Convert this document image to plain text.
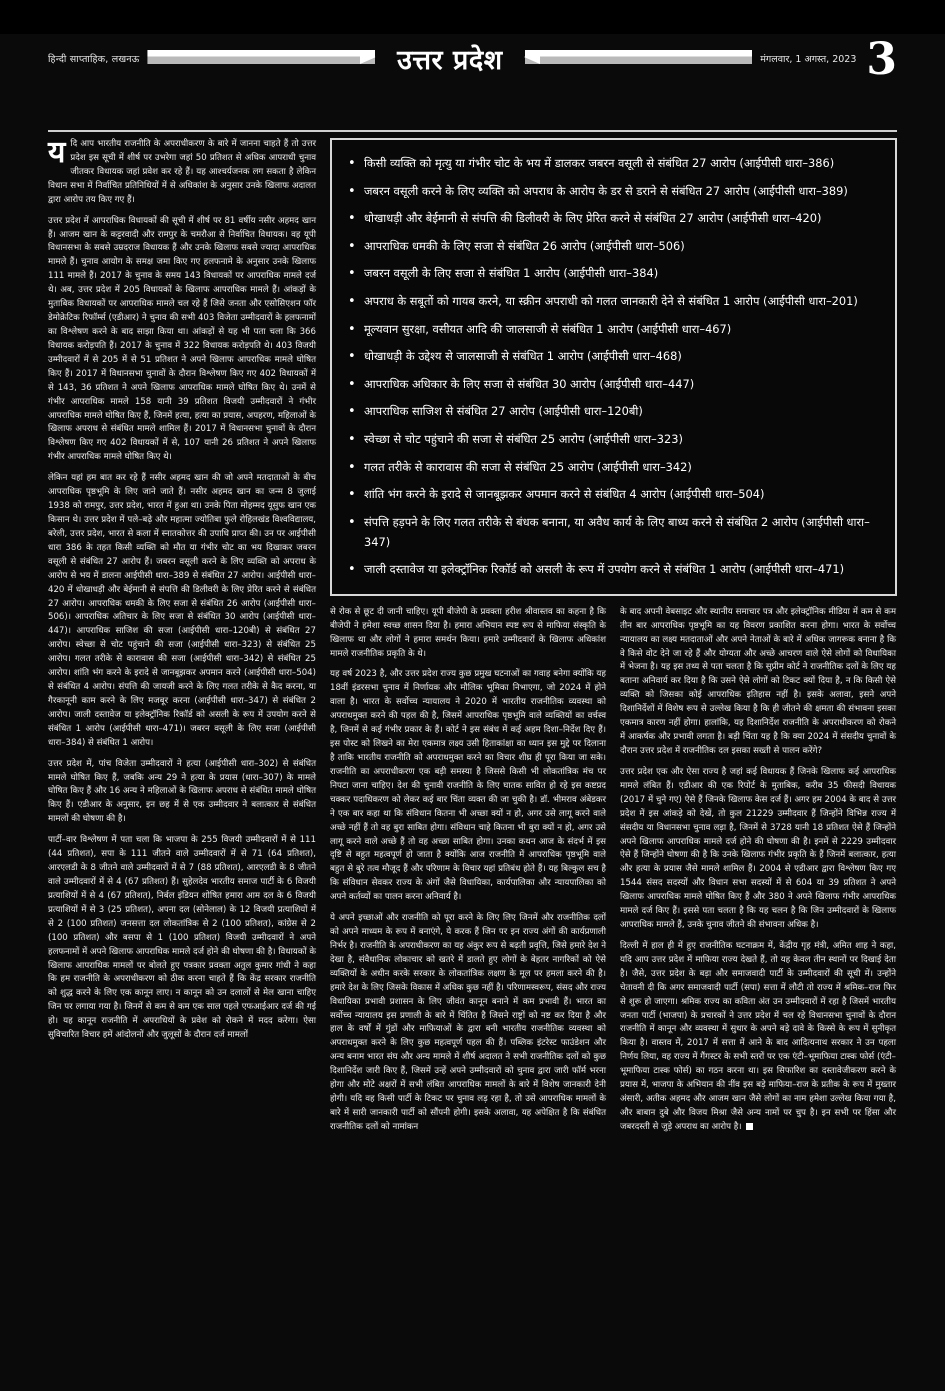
हिन्दी साप्ताहिक, लखनऊ	उत्तर प्रदेश	मंगलवार, 1 अगस्त, 2023 3

यदि आप भारतीय राजनीति के अपराधीकरण के बारे में जानना चाहते हैं तो उत्तर प्रदेश इस सूची में शीर्ष पर उभरेगा जहां 50 प्रतिशत से अधिक आपराधी चुनाव जीतकर विधायक जहां प्रवेश कर रहे हैं। यह आश्चर्यजनक लग सकता है लेकिन विधान सभा में निर्वाचित प्रतिनिधियों में से अधिकांश के अनुसार उनके खिलाफ अदालत द्वारा आरोप तय किए गए हैं।

उत्तर प्रदेश में आपराधिक विधायकों की सूची में शीर्ष पर 81 वर्षीय नसीर अहमद खान हैं। आजम खान के कट्टरवादी और रामपुर के चमरौआ से निर्वाचित विधायक। वह यूपी विधानसभा के सबसे उम्रदराज विधायक हैं और उनके खिलाफ सबसे ज्यादा आपराधिक मामले हैं। चुनाव आयोग के समक्ष जमा किए गए हलफनामे के अनुसार उनके खिलाफ 111 मामले हैं। 2017 के चुनाव के समय 143 विधायकों पर आपराधिक मामले दर्ज थे। अब, उत्तर प्रदेश में 205 विधायकों के खिलाफ आपराधिक मामले हैं। आंकड़ों के मुताबिक विधायकों पर आपराधिक मामले चल रहे हैं जिसे जनता और एसोसिएशन फॉर डेमोक्रेटिक रिफॉर्म्स (एडीआर) ने चुनाव की सभी 403 विजेता उम्मीदवारों के हलफनामों का विश्लेषण करने के बाद साझा किया था। आंकड़ों से यह भी पता चला कि 366 विधायक करोड़पति हैं। 2017 के चुनाव में 322 विधायक करोड़पति थे। 403 विजयी उम्मीदवारों में से 205 में से 51 प्रतिशत ने अपने खिलाफ आपराधिक मामले घोषित किए हैं। 2017 में विधानसभा चुनावों के दौरान विश्लेषण किए गए 402 विधायकों में से 143, 36 प्रतिशत ने अपने खिलाफ आपराधिक मामले घोषित किए थे। उनमें से गंभीर आपराधिक मामले 158 यानी 39 प्रतिशत विजयी उम्मीदवारों ने गंभीर आपराधिक मामले घोषित किए हैं, जिनमें हत्या, हत्या का प्रयास, अपहरण, महिलाओं के खिलाफ अपराध से संबंधित मामले शामिल हैं। 2017 में विधानसभा चुनावों के दौरान विश्लेषण किए गए 402 विधायकों में से, 107 यानी 26 प्रतिशत ने अपने खिलाफ गंभीर आपराधिक मामले घोषित किए थे।

लेकिन यहां हम बात कर रहे हैं नसीर अहमद खान की जो अपने मतदाताओं के बीच आपराधिक पृष्ठभूमि के लिए जाने जाते हैं। नसीर अहमद खान का जन्म 8 जुलाई 1938 को रामपुर, उत्तर प्रदेश, भारत में हुआ था। उनके पिता मोहम्मद यूसुफ खान एक किसान थे। उत्तर प्रदेश में पले–बढ़े और महात्मा ज्योतिबा फुले रोहिलखंड विश्वविद्यालय, बरेली, उत्तर प्रदेश, भारत से कला में स्नातकोत्तर की उपाधि प्राप्त की। उन पर आईपीसी धारा 386 के तहत किसी व्यक्ति को मौत या गंभीर चोट का भय दिखाकर जबरन वसूली से संबंधित 27 आरोप हैं। जबरन वसूली करने के लिए व्यक्ति को अपराध के आरोप से भय में डालना आईपीसी धारा–389 से संबंधित 27 आरोप। आईपीसी धारा–420 में धोखाधड़ी और बेईमानी से संपत्ति की डिलीवरी के लिए प्रेरित करने से संबंधित 27 आरोप। आपराधिक धमकी के लिए सजा से संबंधित 26 आरोप (आईपीसी धारा–506)। आपराधिक अतिचार के लिए सजा से संबंधित 30 आरोप (आईपीसी धारा–447)। आपराधिक साजिश की सजा (आईपीसी धारा–120बी) से संबंधित 27 आरोप। स्वेच्छा से चोट पहुंचाने की सजा (आईपीसी धारा–323) से संबंधित 25 आरोप। गलत तरीके से कारावास की सजा (आईपीसी धारा–342) से संबंधित 25 आरोप। शांति भंग करने के इरादे से जानबूझकर अपमान करने (आईपीसी धारा–504) से संबंधित 4 आरोप। संपत्ति की जायजी करने के लिए गलत तरीके से कैद करना, या गैरकानूनी काम करने के लिए मजबूर करना (आईपीसी धारा–347) से संबंधित 2 आरोप। जाली दस्तावेज या इलेक्ट्रॉनिक रिकॉर्ड को असली के रूप में उपयोग करने से संबंधित 1 आरोप (आईपीसी धारा–471)। जबरन वसूली के लिए सजा (आईपीसी धारा–384) से संबंधित 1 आरोप।

उत्तर प्रदेश में, पांच विजेता उम्मीदवारों ने हत्या (आईपीसी धारा–302) से संबंधित मामले घोषित किए हैं, जबकि अन्य 29 ने हत्या के प्रयास (धारा–307) के मामले घोषित किए हैं और 16 अन्य ने महिलाओं के खिलाफ अपराध से संबंधित मामले घोषित किए हैं। एडीआर के अनुसार, इन छह में से एक उम्मीदवार ने बलात्कार से संबंधित मामलों की घोषणा की है।

पार्टी–वार विश्लेषण में पता चला कि भाजपा के 255 विजयी उम्मीदवारों में से 111 (44 प्रतिशत), सपा के 111 जीतने वाले उम्मीदवारों में से 71 (64 प्रतिशत), आरएलडी के 8 जीतने वाले उम्मीदवारों में से 7 (88 प्रतिशत), आरएलडी के 8 जीतने वाले उम्मीदवारों में से 4 (67 प्रतिशत) हैं। सुहेलदेव भारतीय समाज पार्टी के 6 विजयी प्रत्याशियों में से 4 (67 प्रतिशत), निर्बल इंडियन शोषित हमारा आम दल के 6 विजयी प्रत्याशियों में से 3 (25 प्रतिशत), अपना दल (सोनेलाल) के 12 विजयी प्रत्याशियों में से 2 (100 प्रतिशत) जनसत्ता दल लोकतांत्रिक से 2 (100 प्रतिशत), कांग्रेस से 2 (100 प्रतिशत) और बसपा से 1 (100 प्रतिशत) विजयी उम्मीदवारों ने अपने हलफनामों में अपने खिलाफ आपराधिक मामले दर्ज होने की घोषणा की है। विधायकों के खिलाफ आपराधिक मामलों पर बोलते हुए पत्रकार प्रवक्ता अतुल कुमार गांधी ने कहा कि हम राजनीति के अपराधीकरण को ठीक करना चाहते हैं कि केंद्र सरकार राजनीति को शुद्ध करने के लिए एक कानून लाए। न कानून को उन दलालों से मेल खाना चाहिए जिन पर लगाया गया है। जिनमें से कम से कम एक साल पहले एफआईआर दर्ज की गई हो। यह कानून राजनीति में अपराधियों के प्रवेश को रोकने में मदद करेगा। ऐसा सुविचारित विचार हमें आंदोलनों और जुलूसों के दौरान दर्ज मामलों

• किसी व्यक्ति को मृत्यु या गंभीर चोट के भय में डालकर जबरन वसूली से संबंधित 27 आरोप (आईपीसी धारा–386)
• जबरन वसूली करने के लिए व्यक्ति को अपराध के आरोप के डर से डराने से संबंधित 27 आरोप (आईपीसी धारा–389)
• धोखाधड़ी और बेईमानी से संपत्ति की डिलीवरी के लिए प्रेरित करने से संबंधित 27 आरोप (आईपीसी धारा–420)
• आपराधिक धमकी के लिए सजा से संबंधित 26 आरोप (आईपीसी धारा–506)
• जबरन वसूली के लिए सजा से संबंधित 1 आरोप (आईपीसी धारा–384)
• अपराध के सबूतों को गायब करने, या स्क्रीन अपराधी को गलत जानकारी देने से संबंधित 1 आरोप (आईपीसी धारा–201)
• मूल्यवान सुरक्षा, वसीयत आदि की जालसाजी से संबंधित 1 आरोप (आईपीसी धारा–467)
• धोखाधड़ी के उद्देश्य से जालसाजी से संबंधित 1 आरोप (आईपीसी धारा–468)
• आपराधिक अधिकार के लिए सजा से संबंधित 30 आरोप (आईपीसी धारा–447)
• आपराधिक साजिश से संबंधित 27 आरोप (आईपीसी धारा–120बी)
• स्वेच्छा से चोट पहुंचाने की सजा से संबंधित 25 आरोप (आईपीसी धारा–323)
• गलत तरीके से कारावास की सजा से संबंधित 25 आरोप (आईपीसी धारा–342)
• शांति भंग करने के इरादे से जानबूझकर अपमान करने से संबंधित 4 आरोप (आईपीसी धारा–504)
• संपत्ति हड़पने के लिए गलत तरीके से बंधक बनाना, या अवैध कार्य के लिए बाध्य करने से संबंधित 2 आरोप (आईपीसी धारा–347)
• जाली दस्तावेज या इलेक्ट्रॉनिक रिकॉर्ड को असली के रूप में उपयोग करने से संबंधित 1 आरोप (आईपीसी धारा–471)

से रोक से छूट दी जानी चाहिए। यूपी बीजेपी के प्रवक्ता हरीश श्रीवास्तव का कहना है कि बीजेपी ने हमेशा स्वच्छ शासन दिया है। हमारा अभियान स्पष्ट रूप से माफिया संस्कृति के खिलाफ था और लोगों ने हमारा समर्थन किया। हमारे उम्मीदवारों के खिलाफ अधिकांश मामले राजनीतिक प्रकृति के थे।

यह वर्ष 2023 है, और उत्तर प्रदेश राज्य कुछ प्रमुख घटनाओं का गवाह बनेगा क्योंकि यह 18वीं इंडरसभा चुनाव में निर्णायक और मौलिक भूमिका निभाएगा, जो 2024 में होने वाला है। भारत के सर्वोच्च न्यायालय ने 2020 में भारतीय राजनीतिक व्यवस्था को अपराधमुक्त करने की पहल की है, जिसमें आपराधिक पृष्ठभूमि वाले व्यक्तियों का वर्चस्व है, जिनमें से कई गंभीर प्रकार के हैं। कोर्ट ने इस संबंध में कई अहम दिशा–निर्देश दिए हैं। इस पोस्ट को लिखने का मेरा एकमात्र लक्ष्य उसी हिताकांक्षा का ध्यान इस मुद्दे पर दिलाना है ताकि भारतीय राजनीति को अपराधमुक्त करने का विचार शीघ्र ही पूरा किया जा सके। राजनीति का अपराधीकरण एक बड़ी समस्या है जिससे किसी भी लोकतांत्रिक मंच पर निपटा जाना चाहिए। देश की चुनावी राजनीति के लिए घातक सावित हो रहे इस कष्टप्रद चक्कर पदाधिकरण को लेकर कई बार चिंता व्यक्त की जा चुकी है। डॉ. भीमराव अंबेडकर ने एक बार कहा था कि संविधान कितना भी अच्छा क्यों न हो, अगर उसे लागू करने वाले अच्छे नहीं हैं तो वह बुरा साबित होगा। संविधान चाहे कितना भी बुरा क्यों न हो, अगर उसे लागू करने वाले अच्छे हैं तो वह अच्छा साबित होगा। उनका कथन आज के संदर्भ में इस दृष्टि से बहुत महत्वपूर्ण हो जाता है क्योंकि आज राजनीति में आपराधिक पृष्ठभूमि वाले बहुत से बुरे तत्व मौजूद हैं और परिणाम के विचार यहां प्रतिबंध होते हैं। यह बिल्कुल सच है कि संविधान सेवकर राज्य के अंगों जैसे विधायिका, कार्यपालिका और न्यायपालिका को अपने कर्तव्यों का पालन करना अनिवार्य है।

ये अपने इच्छाओं और राजनीति को पूरा करने के लिए लिए जिनमें और राजनीतिक दलों को अपने माध्यम के रूप में बनाएंगे, ये करक हैं जिन पर इन राज्य अंगों की कार्यप्रणाली निर्भर है। राजनीति के अपराधीकरण का यह अंकुर रूप से बढ़ती प्रवृत्ति, जिसे हमारे देश ने देखा है, संवैधानिक लोकाचार को खतरे में डालते हुए लोगों के बेहतर नागरिकों को ऐसे व्यक्तियों के अधीन करके सरकार के लोकतांत्रिक लक्षण के मूल पर हमला करने की है। हमारे देश के लिए जिसके विकास में अधिक कुछ नहीं है। परिणामस्वरूप, संसद और राज्य विधायिका प्रभावी प्रशासन के लिए जीवंत कानून बनाने में कम प्रभावी हैं। भारत का सर्वोच्च न्यायालय इस प्रणाली के बारे में चिंतित है जिसने राष्ट्रों को नष्ट कर दिया है और हाल के वर्षों में गुंडों और माफियाओं के द्वारा बनी भारतीय राजनीतिक व्यवस्था को अपराधमुक्त करने के लिए कुछ महत्वपूर्ण पहल की हैं। पब्लिक इंटरेस्ट फाउंडेशन और अन्य बनाम भारत संघ और अन्य मामले में शीर्ष अदालत ने सभी राजनीतिक दलों को कुछ दिशानिर्देश जारी किए हैं, जिसमें उन्हें अपने उम्मीदवारों को चुनाव द्वारा जारी फॉर्म भरना होगा और मोटे अक्षरों में सभी लंबित आपराधिक मामलों के बारे में विशेष जानकारी देनी होगी। यदि वह किसी पार्टी के टिकट पर चुनाव लड़ रहा है, तो उसे आपराधिक मामलों के बारे में सारी जानकारी पार्टी को सौंपनी होगी। इसके अलावा, यह अपेक्षित है कि संबंधित राजनीतिक दलों को नामांकन

के बाद अपनी वेबसाइट और स्थानीय समाचार पत्र और इलेक्ट्रॉनिक मीडिया में कम से कम तीन बार आपराधिक पृष्ठभूमि का यह विवरण प्रकाशित करना होगा। भारत के सर्वोच्च न्यायालय का लक्ष्य मतदाताओं और अपने नेताओं के बारे में अधिक जागरूक बनाना है कि वे किसे वोट देने जा रहे हैं और योग्यता और अच्छे आचरण वाले ऐसे लोगों को विधायिका में भेजना है। यह इस तथ्य से पता चलता है कि सुप्रीम कोर्ट ने राजनीतिक दलों के लिए यह बताना अनिवार्य कर दिया है कि उसने ऐसे लोगों को टिकट क्यों दिया है, न कि किसी ऐसे व्यक्ति को जिसका कोई आपराधिक इतिहास नहीं है। इसके अलावा, इसने अपने दिशानिर्देशों में विशेष रूप से उल्लेख किया है कि ही जीतने की क्षमता की संभावना इसका एकमात्र कारण नहीं होगा। हालांकि, यह दिशानिर्देश राजनीति के अपराधीकरण को रोकने में आकर्षक और प्रभावी लगता है। बड़ी चिंता यह है कि क्या 2024 में संसदीय चुनावों के दौरान उत्तर प्रदेश में राजनीतिक दल इसका सख्ती से पालन करेंगे?

उत्तर प्रदेश एक और ऐसा राज्य है जहां कई विधायक हैं जिनके खिलाफ कई आपराधिक मामले लंबित हैं। एडीआर की एक रिपोर्ट के मुताबिक, करीब 35 फीसदी विधायक (2017 में चुने गए) ऐसे हैं जिनके खिलाफ केस दर्ज हैं। अगर हम 2004 के बाद से उत्तर प्रदेश में इस आंकड़े को देखें, तो कुल 21229 उम्मीदवार हैं जिन्होंने विभिन्न राज्य में संसदीय या विधानसभा चुनाव लड़ा है, जिनमें से 3728 यानी 18 प्रतिशत ऐसे हैं जिन्होंने अपने खिलाफ आपराधिक मामले दर्ज होने की घोषणा की है। इनमें से 2229 उम्मीदवार ऐसे हैं जिन्होंने घोषणा की है कि उनके खिलाफ गंभीर प्रकृति के हैं जिनमें बलात्कार, हत्या और हत्या के प्रयास जैसे मामले शामिल हैं। 2004 से एडीआर द्वारा विश्लेषण किए गए 1544 संसद सदस्यों और विधान सभा सदस्यों में से 604 या 39 प्रतिशत ने अपने खिलाफ आपराधिक मामले घोषित किए हैं और 380 ने अपने खिलाफ गंभीर आपराधिक मामले दर्ज किए हैं। इससे पता चलता है कि यह चलन है कि जिन उम्मीदवारों के खिलाफ आपराधिक मामले हैं, उनके चुनाव जीतने की संभावना अधिक है।

दिल्ली में हाल ही में हुए राजनीतिक घटनाक्रम में, केंद्रीय गृह मंत्री, अमित शाह ने कहा, यदि आप उत्तर प्रदेश में माफिया राज्य देखते हैं, तो यह केवल तीन स्थानों पर दिखाई देता है। जैसे, उत्तर प्रदेश के बड़ा और समाजवादी पार्टी के उम्मीदवारों की सूची में। उन्होंने चेतावनी दी कि अगर समाजवादी पार्टी (सपा) सत्ता में लौटी तो राज्य में श्रमिक–राज फिर से शुरू हो जाएगा। श्रमिक राज्य का कविता अंत उन उम्मीदवारों में रहा है जिसमें भारतीय जनता पार्टी (भाजपा) के प्रचारकों ने उत्तर प्रदेश में चल रहे विधानसभा चुनावों के दौरान राजनीति में कानून और व्यवस्था में सुधार के अपने बड़े दावे के किस्से के रूप में सुनीकृत किया है। वास्तव में, 2017 में सत्ता में आने के बाद आदित्यनाथ सरकार ने उन पहला निर्णय लिया, वह राज्य में गैंगस्टर के सभी स्तरों पर एक एंटी–भूमाफिया टास्क फोर्स (एंटी–भूमाफिया टास्क फोर्स) का गठन करना था। इस सिफारिश का दस्तावेजीकरण करने के प्रयास में, भाजपा के अभियान की नींव इस बड़े माफिया–राज के प्रतीक के रूप में मुख्तार अंसारी, अतीक अहमद और आजम खान जैसे लोगों का नाम हमेशा उल्लेख किया गया है, और बाबान दुबे और विजय मिश्रा जैसे अन्य नामों पर चुप है। इन सभी पर हिंसा और जबरदस्ती से जुड़े अपराध का आरोप है।
